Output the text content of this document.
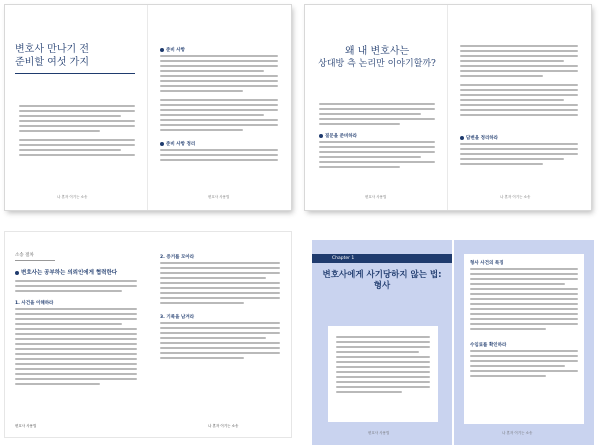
변호사 만나기 전
준비할 여섯 가지
나 혼자 이기는 소송
준비 사항
준비 사항 정리
변호사 사용법
왜 내 변호사는
상대방 측 논리만 이야기할까?
질문을 준비하라
변호사 사용법
답변을 정리하라
나 혼자 이기는 소송
소송 절차
변호사는 공부하는 의뢰인에게 협력한다
1. 사건을 이해하라
변호사 사용법
2. 증거를 모아라
3. 기록을 남겨라
나 혼자 이기는 소송
Chapter 1
변호사에게 사기당하지 않는 법:
형사
변호사 사용법
형사 사건의 특징
수임료를 확인하라
나 혼자 이기는 소송
